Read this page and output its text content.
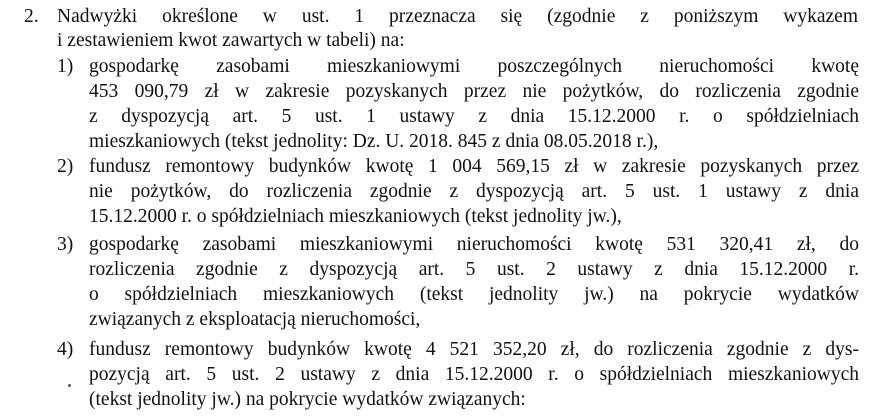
2. Nadwyżki określone w ust. 1 przeznacza się (zgodnie z poniższym wykazem
i zestawieniem kwot zawartych w tabeli) na:
1) gospodarkę zasobami mieszkaniowymi poszczególnych nieruchomości kwotę
453 090,79 zł w zakresie pozyskanych przez nie pożytków, do rozliczenia zgodnie
z dyspozycją art. 5 ust. 1 ustawy z dnia 15.12.2000 r. o spółdzielniach
mieszkaniowych (tekst jednolity: Dz. U. 2018. 845 z dnia 08.05.2018 r.),
2) fundusz remontowy budynków kwotę 1 004 569,15 zł w zakresie pozyskanych przez
nie pożytków, do rozliczenia zgodnie z dyspozycją art. 5 ust. 1 ustawy z dnia
15.12.2000 r. o spółdzielniach mieszkaniowych (tekst jednolity jw.),
3) gospodarkę zasobami mieszkaniowymi nieruchomości kwotę 531 320,41 zł, do
rozliczenia zgodnie z dyspozycją art. 5 ust. 2 ustawy z dnia 15.12.2000 r.
o spółdzielniach mieszkaniowych (tekst jednolity jw.) na pokrycie wydatków
związanych z eksploatacją nieruchomości,
4) fundusz remontowy budynków kwotę 4 521 352,20 zł, do rozliczenia zgodnie z dys-
pozycją art. 5 ust. 2 ustawy z dnia 15.12.2000 r. o spółdzielniach mieszkaniowych
(tekst jednolity jw.) na pokrycie wydatków związanych:
